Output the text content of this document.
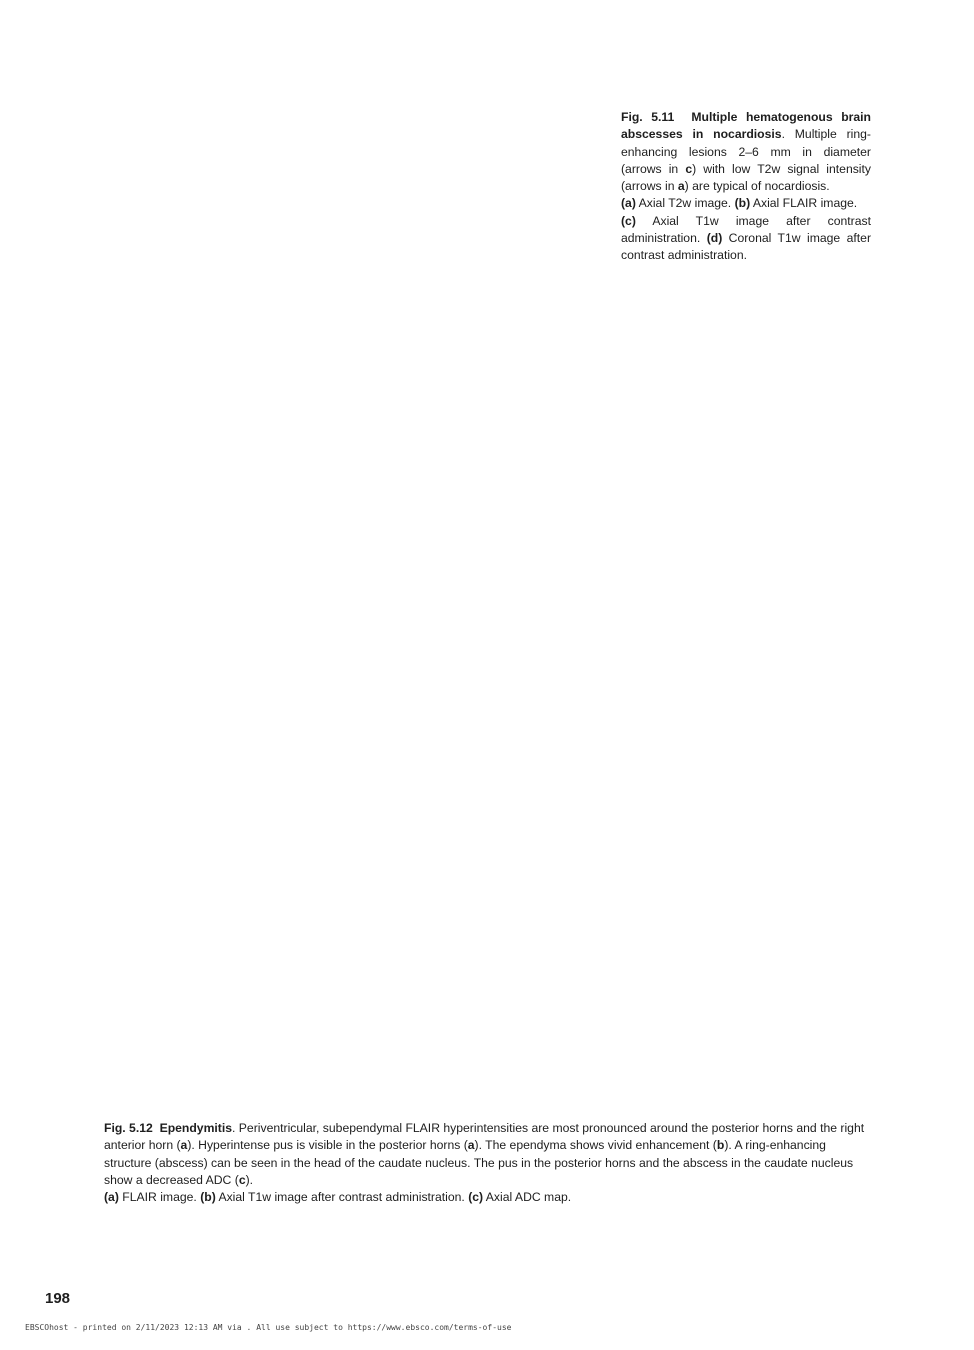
Fig. 5.11 Multiple hematogenous brain abscesses in nocardiosis. Multiple ring-enhancing lesions 2–6 mm in diameter (arrows in c) with low T2w signal intensity (arrows in a) are typical of nocardiosis.
(a) Axial T2w image. (b) Axial FLAIR image.
(c) Axial T1w image after contrast administration. (d) Coronal T1w image after contrast administration.
Fig. 5.12 Ependymitis. Periventricular, subependymal FLAIR hyperintensities are most pronounced around the posterior horns and the right anterior horn (a). Hyperintense pus is visible in the posterior horns (a). The ependyma shows vivid enhancement (b). A ring-enhancing structure (abscess) can be seen in the head of the caudate nucleus. The pus in the posterior horns and the abscess in the caudate nucleus show a decreased ADC (c).
(a) FLAIR image. (b) Axial T1w image after contrast administration. (c) Axial ADC map.
198
EBSCOhost - printed on 2/11/2023 12:13 AM via . All use subject to https://www.ebsco.com/terms-of-use
